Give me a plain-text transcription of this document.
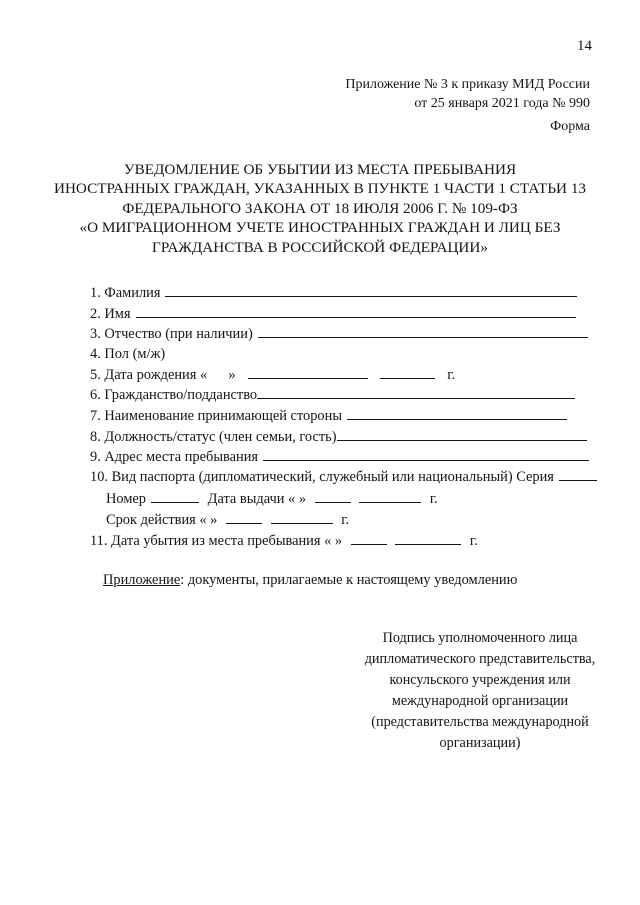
14
Приложение № 3 к приказу МИД России
от 25 января 2021 года № 990
Форма
УВЕДОМЛЕНИЕ ОБ УБЫТИИ ИЗ МЕСТА ПРЕБЫВАНИЯ
ИНОСТРАННЫХ ГРАЖДАН, УКАЗАННЫХ В ПУНКТЕ 1 ЧАСТИ 1 СТАТЬИ 13
ФЕДЕРАЛЬНОГО ЗАКОНА ОТ 18 ИЮЛЯ 2006 Г. № 109-ФЗ
«О МИГРАЦИОННОМ УЧЕТЕ ИНОСТРАННЫХ ГРАЖДАН И ЛИЦ БЕЗ
ГРАЖДАНСТВА В РОССИЙСКОЙ ФЕДЕРАЦИИ»
1. Фамилия
2. Имя
3. Отчество (при наличии)
4. Пол (м/ж)
5. Дата рождения « »	г.
6. Гражданство/подданство
7. Наименование принимающей стороны
8. Должность/статус (член семьи, гость)
9. Адрес места пребывания
10. Вид паспорта (дипломатический, служебный или национальный) Серия
Номер	Дата выдачи « »	г.
Срок действия « »	г.
11. Дата убытия из места пребывания « »	г.
Приложение: документы, прилагаемые к настоящему уведомлению
Подпись уполномоченного лица
дипломатического представительства,
консульского учреждения или
международной организации
(представительства международной
организации)
